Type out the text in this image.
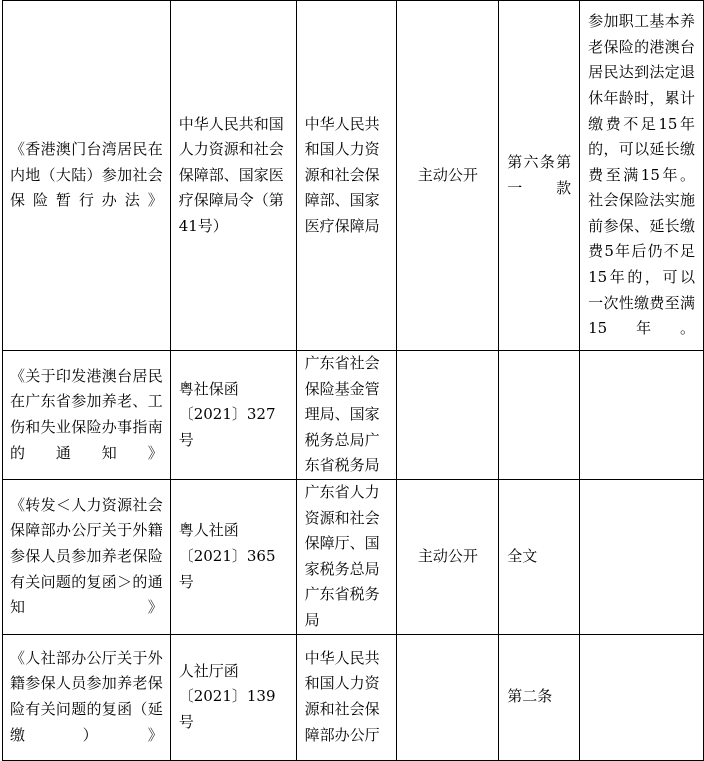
《香港澳门台湾居民在内地（大陆）参加社会保险暂行办法》	中华人民共和国人力资源和社会保障部、国家医疗保障局令（第41号）	中华人民共和国人力资源和社会保障部、国家医疗保障局	主动公开	第六条第一款	参加职工基本养老保险的港澳台居民达到法定退休年龄时，累计缴费不足15年的，可以延长缴费至满15年。社会保险法实施前参保、延长缴费5年后仍不足15年的，可以一次性缴费至满15年。

《关于印发港澳台居民在广东省参加养老、工伤和失业保险办事指南的通知》	粤社保函〔2021〕327号	广东省社会保险基金管理局、国家税务总局广东省税务局			

《转发＜人力资源社会保障部办公厅关于外籍参保人员参加养老保险有关问题的复函＞的通知》	粤人社函〔2021〕365号	广东省人力资源和社会保障厅、国家税务总局广东省税务局	主动公开	全文	

《人社部办公厅关于外籍参保人员参加养老保险有关问题的复函（延缴）》	人社厅函〔2021〕139号	中华人民共和国人力资源和社会保障部办公厅		第二条	
